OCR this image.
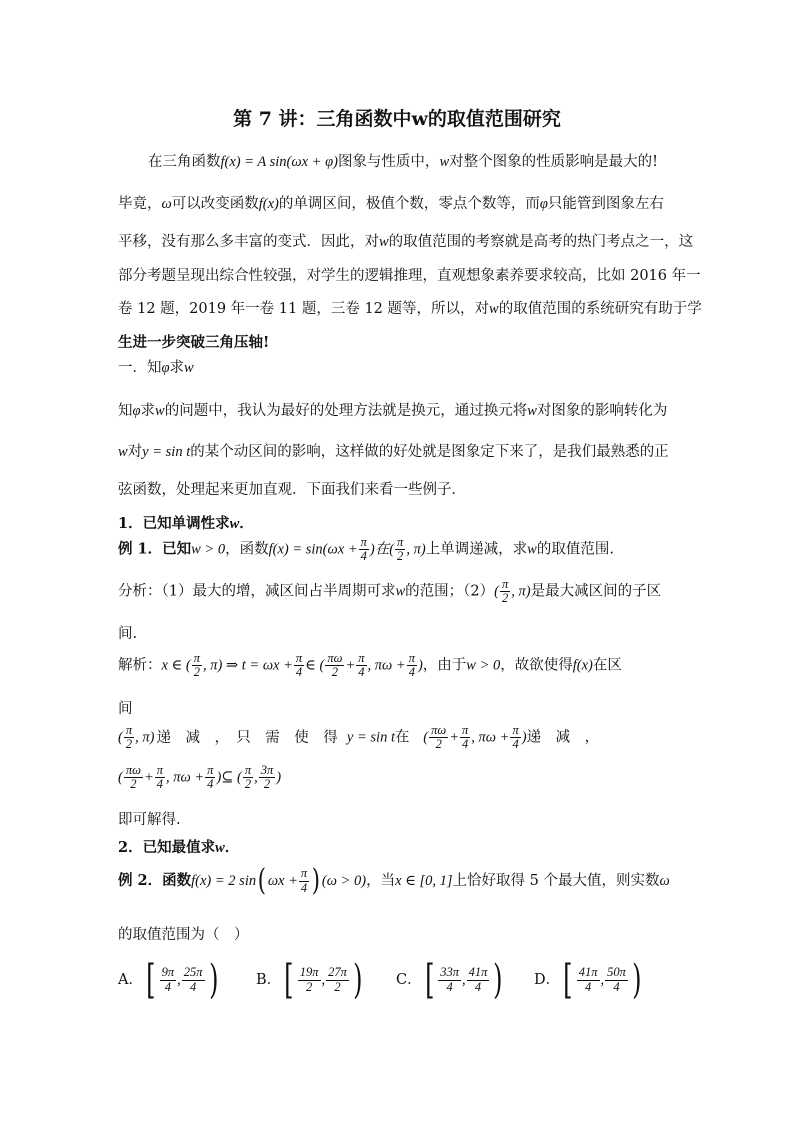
第 7 讲：三角函数中w的取值范围研究
在三角函数f(x) = A sin(ωx + φ)图象与性质中，w对整个图象的性质影响是最大的!
毕竟，ω可以改变函数f(x)的单调区间，极值个数，零点个数等，而φ只能管到图象左右
平移，没有那么多丰富的变式．因此，对w的取值范围的考察就是高考的热门考点之一，这
部分考题呈现出综合性较强，对学生的逻辑推理，直观想象素养要求较高，比如 2016 年一
卷 12 题，2019 年一卷 11 题，三卷 12 题等，所以，对w的取值范围的系统研究有助于学
生进一步突破三角压轴!
一．知φ求w
知φ求w的问题中，我认为最好的处理方法就是换元，通过换元将w对图象的影响转化为
w对y = sin t的某个动区间的影响，这样做的好处就是图象定下来了，是我们最熟悉的正
弦函数，处理起来更加直观．下面我们来看一些例子．
1．已知单调性求w．
例 1．已知w > 0，函数$f(x) = \sin(\omega x + \frac{\pi}{4}$ )在( $\frac{\pi}{2}$ , π)上单调递减，求w的取值范围.
分析：（1）最大的增，减区间占半周期可求w的范围；$(2)( \frac{\pi}{2}$ , π)是最大减区间的子区
间.
解析：x ∈ ( $\frac{\pi}{2}$ , π) ⇒ $t = \omega x + \frac{\pi}{4}$ ∈ ( $\frac{\pi\omega}{2} + \frac{\pi}{4}$ , $\pi\omega + \frac{\pi}{4}$ )，由于w > 0，故欲使得f(x)在区
间
( $\frac{\pi}{2}$ , π) 递　减　，　只　需　使　得 y = sin t在 ( $\frac{\pi\omega}{2} + \frac{\pi}{4}$ , $\pi\omega + \frac{\pi}{4}$ )递　减　，
( $\frac{\pi\omega}{2} + \frac{\pi}{4}$ , $\pi\omega + \frac{\pi}{4}$ )⊆ ( $\frac{\pi}{2}$ , $\frac{3\pi}{2}$ )
即可解得.
2．已知最值求w．
例 2．函数f(x) = 2 sin( $\omega x + \frac{\pi}{4}$ ) (ω > 0)，当x ∈ [0, 1]上恰好取得 5 个最大值，则实数ω
的取值范围为（　）
A．[ $\frac{9\pi}{4}$ , $\frac{25\pi}{4}$ )	B．[ $\frac{19\pi}{2}$ , $\frac{27\pi}{2}$ ) C．[ $\frac{33\pi}{4}$ , $\frac{41\pi}{4}$ ) D．[ $\frac{41\pi}{4}$ , $\frac{50\pi}{4}$ )
